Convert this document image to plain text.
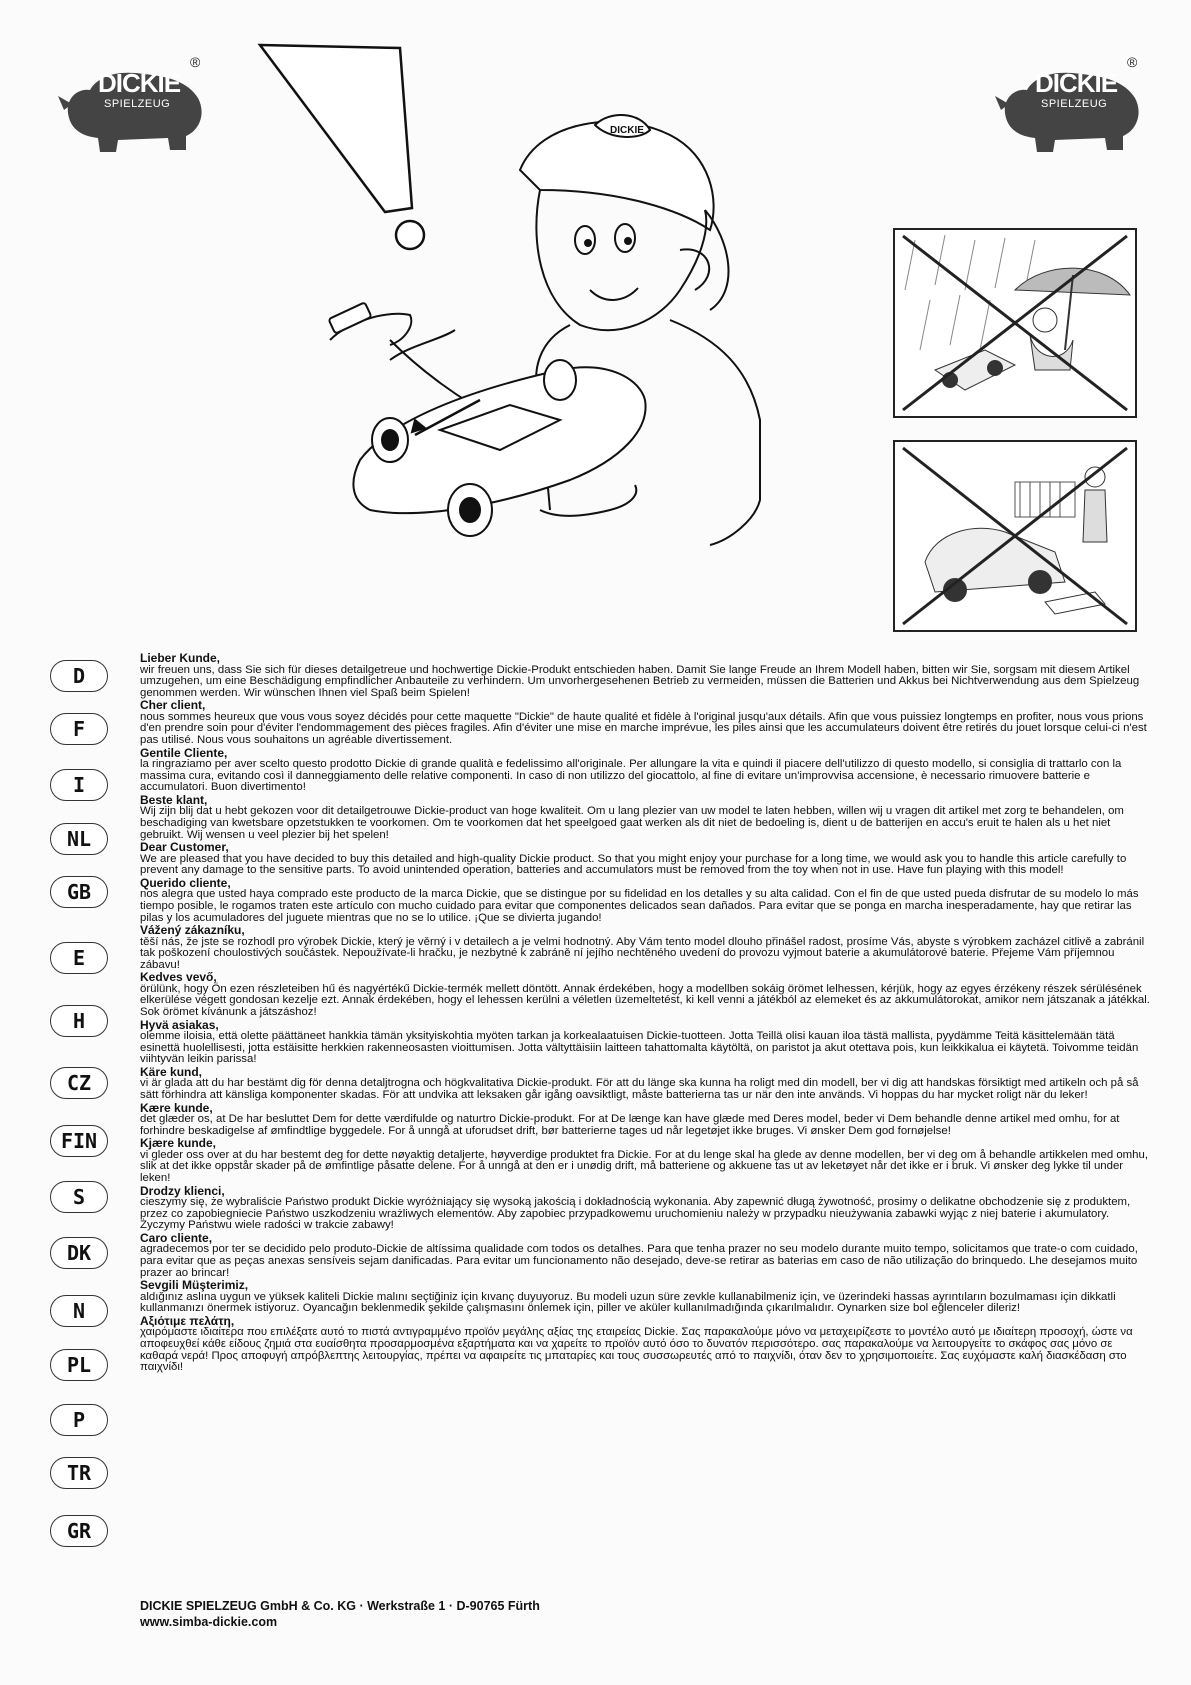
DICKIE
SPIELZEUG
®
DICKIE
SPIELZEUG
®
DICKIE
D
F
I
NL
GB
E
H
CZ
FIN
S
DK
N
PL
P
TR
GR
Lieber Kunde,
wir freuen uns, dass Sie sich für dieses detailgetreue und hochwertige Dickie-Produkt entschieden haben. Damit Sie lange Freude an Ihrem Modell haben, bitten wir Sie, sorgsam mit diesem Artikel umzugehen, um eine Beschädigung empfindlicher Anbauteile zu verhindern. Um unvorhergesehenen Betrieb zu vermeiden, müssen die Batterien und Akkus bei Nichtverwendung aus dem Spielzeug genommen werden. Wir wünschen Ihnen viel Spaß beim Spielen!
Cher client,
nous sommes heureux que vous vous soyez décidés pour cette maquette "Dickie" de haute qualité et fidèle à l'original jusqu'aux détails. Afin que vous puissiez longtemps en profiter, nous vous prions d'en prendre soin pour d'éviter l'endommagement des pièces fragiles. Afin d'éviter une mise en marche imprévue, les piles ainsi que les accumulateurs doivent être retirés du jouet lorsque celui-ci n'est pas utilisé. Nous vous souhaitons un agréable divertissement.
Gentile Cliente,
la ringraziamo per aver scelto questo prodotto Dickie di grande qualità e fedelissimo all'originale. Per allungare la vita e quindi il piacere dell'utilizzo di questo modello, si consiglia di trattarlo con la massima cura, evitando così il danneggiamento delle relative componenti. In caso di non utilizzo del giocattolo, al fine di evitare un'improvvisa accensione, è necessario rimuovere batterie e accumulatori. Buon divertimento!
Beste klant,
Wij zijn blij dat u hebt gekozen voor dit detailgetrouwe Dickie-product van hoge kwaliteit. Om u lang plezier van uw model te laten hebben, willen wij u vragen dit artikel met zorg te behandelen, om beschadiging van kwetsbare opzetstukken te voorkomen. Om te voorkomen dat het speelgoed gaat werken als dit niet de bedoeling is, dient u de batterijen en accu's eruit te halen als u het niet gebruikt. Wij wensen u veel plezier bij het spelen!
Dear Customer,
We are pleased that you have decided to buy this detailed and high-quality Dickie product. So that you might enjoy your purchase for a long time, we would ask you to handle this article carefully to prevent any damage to the sensitive parts. To avoid unintended operation, batteries and accumulators must be removed from the toy when not in use. Have fun playing with this model!
Querido cliente,
nos alegra que usted haya comprado este producto de la marca Dickie, que se distingue por su fidelidad en los detalles y su alta calidad. Con el fin de que usted pueda disfrutar de su modelo lo más tiempo posible, le rogamos traten este artículo con mucho cuidado para evitar que componentes delicados sean dañados. Para evitar que se ponga en marcha inesperadamente, hay que retirar las pilas y los acumuladores del juguete mientras que no se lo utilice. ¡Que se divierta jugando!
Vážený zákazníku,
těší nás, že jste se rozhodl pro výrobek Dickie, který je věrný i v detailech a je velmi hodnotný. Aby Vám tento model dlouho přinášel radost, prosíme Vás, abyste s výrobkem zacházel citlivě a zabránil tak poškození choulostivých součástek. Nepoužívate-li hračku, je nezbytné k zabráně ní jejího nechtěného uvedení do provozu vyjmout baterie a akumulátorové baterie. Přejeme Vám příjemnou zábavu!
Kedves vevő,
örülünk, hogy Ön ezen részleteiben hű és nagyértékű Dickie-termék mellett döntött. Annak érdekében, hogy a modellben sokáig örömet lelhessen, kérjük, hogy az egyes érzékeny részek sérülésének elkerülése végett gondosan kezelje ezt. Annak érdekében, hogy el lehessen kerülni a véletlen üzemeltetést, ki kell venni a játékból az elemeket és az akkumulátorokat, amikor nem játszanak a játékkal. Sok örömet kívánunk a játszáshoz!
Hyvä asiakas,
olemme iloisia, että olette päättäneet hankkia tämän yksityiskohtia myöten tarkan ja korkealaatuisen Dickie-tuotteen. Jotta Teillä olisi kauan iloa tästä mallista, pyydämme Teitä käsittelemään tätä esinettä huolellisesti, jotta estäisitte herkkien rakenneosasten vioittumisen. Jotta vältyttäisiin laitteen tahattomalta käytöltä, on paristot ja akut otettava pois, kun leikkikalua ei käytetä. Toivomme teidän viihtyvän leikin parissa!
Käre kund,
vi är glada att du har bestämt dig för denna detaljtrogna och högkvalitativa Dickie-produkt. För att du länge ska kunna ha roligt med din modell, ber vi dig att handskas försiktigt med artikeln och på så sätt förhindra att känsliga komponenter skadas. För att undvika att leksaken går igång oavsiktligt, måste batterierna tas ur när den inte används. Vi hoppas du har mycket roligt när du leker!
Kære kunde,
det glæder os, at De har besluttet Dem for dette værdifulde og naturtro Dickie-produkt. For at De længe kan have glæde med Deres model, beder vi Dem behandle denne artikel med omhu, for at forhindre beskadigelse af ømfindtlige byggedele. For å unngå at uforudset drift, bør batterierne tages ud når legetøjet ikke bruges. Vi ønsker Dem god fornøjelse!
Kjære kunde,
vi gleder oss over at du har bestemt deg for dette nøyaktig detaljerte, høyverdige produktet fra Dickie. For at du lenge skal ha glede av denne modellen, ber vi deg om å behandle artikkelen med omhu, slik at det ikke oppstår skader på de ømfintlige påsatte delene. For å unngå at den er i unødig drift, må batteriene og akkuene tas ut av leketøyet når det ikke er i bruk. Vi ønsker deg lykke til under leken!
Drodzy klienci,
cieszymy się, że wybraliście Państwo produkt Dickie wyróżniający się wysoką jakością i dokładnością wykonania. Aby zapewnić długą żywotność, prosimy o delikatne obchodzenie się z produktem, przez co zapobiegniecie Państwo uszkodzeniu wrażliwych elementów. Aby zapobiec przypadkowemu uruchomieniu należy w przypadku nieużywania zabawki wyjąc z niej baterie i akumulatory. Życzymy Państwu wiele radości w trakcie zabawy!
Caro cliente,
agradecemos por ter se decidido pelo produto-Dickie de altíssima qualidade com todos os detalhes. Para que tenha prazer no seu modelo durante muito tempo, solicitamos que trate-o com cuidado, para evitar que as peças anexas sensíveis sejam danificadas. Para evitar um funcionamento não desejado, deve-se retirar as baterias em caso de não utilização do brinquedo. Lhe desejamos muito prazer ao brincar!
Sevgili Müşterimiz,
aldığınız aslına uygun ve yüksek kaliteli Dickie malını seçtiğiniz için kıvanç duyuyoruz. Bu modeli uzun süre zevkle kullanabilmeniz için, ve üzerindeki hassas ayrıntıların bozulmaması için dikkatli kullanmanızı önermek istiyoruz. Oyancağın beklenmedik şekilde çalışmasını önlemek için, piller ve aküler kullanılmadığında çıkarılmalıdır. Oynarken size bol eğlenceler dileriz!
Αξιότιμε πελάτη,
χαιρόμαστε ιδιαίτερα που επιλέξατε αυτό το πιστά αντιγραμμένο προϊόν μεγάλης αξίας της εταιρείας Dickie. Σας παρακαλούμε μόνο να μεταχειρίζεστε το μοντέλο αυτό με ιδιαίτερη προσοχή, ώστε να αποφευχθεί κάθε είδους ζημιά στα ευαίσθητα προσαρμοσμένα εξαρτήματα και να χαρείτε το προϊόν αυτό όσο το δυνατόν περισσότερο. σας παρακαλούμε να λειτουργείτε το σκάφος σας μόνο σε καθαρά νερά! Προς αποφυγή απρόβλεπτης λειτουργίας, πρέπει να αφαιρείτε τις μπαταρίες και τους συσσωρευτές από το παιχνίδι, όταν δεν το χρησιμοποιείτε. Σας ευχόμαστε καλή διασκέδαση στο παιχνίδι!
DICKIE SPIELZEUG GmbH & Co. KG · Werkstraße 1 · D-90765 Fürth
www.simba-dickie.com
